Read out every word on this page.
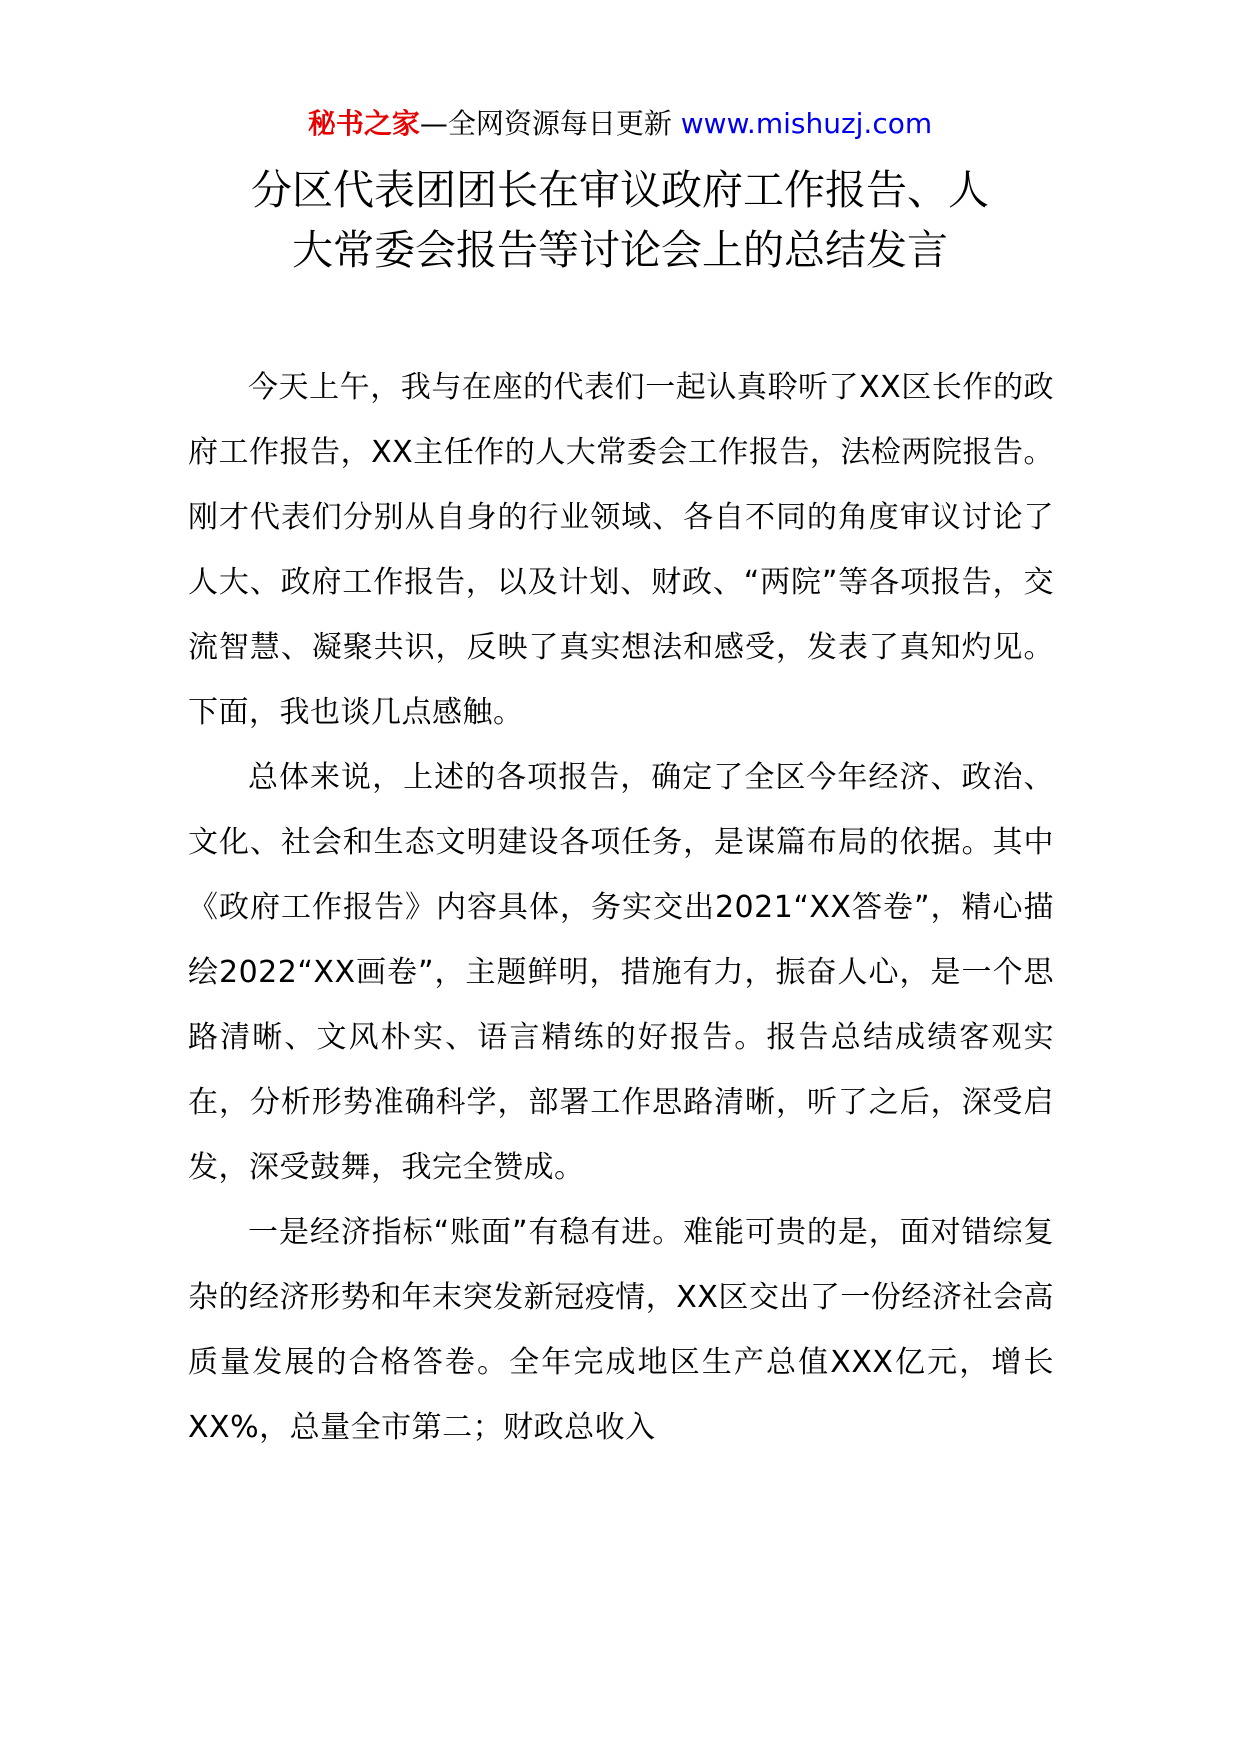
秘书之家—全网资源每日更新 www.mishuzj.com
分区代表团团长在审议政府工作报告、人
大常委会报告等讨论会上的总结发言

今天上午，我与在座的代表们一起认真聆听了XX区长作的政府工作报告，XX主任作的人大常委会工作报告，法检两院报告。刚才代表们分别从自身的行业领域、各自不同的角度审议讨论了人大、政府工作报告，以及计划、财政、“两院”等各项报告，交流智慧、凝聚共识，反映了真实想法和感受，发表了真知灼见。下面，我也谈几点感触。

总体来说，上述的各项报告，确定了全区今年经济、政治、文化、社会和生态文明建设各项任务，是谋篇布局的依据。其中《政府工作报告》内容具体，务实交出2021“XX答卷”，精心描绘2022“XX画卷”，主题鲜明，措施有力，振奋人心，是一个思路清晰、文风朴实、语言精练的好报告。报告总结成绩客观实在，分析形势准确科学，部署工作思路清晰，听了之后，深受启发，深受鼓舞，我完全赞成。

一是经济指标“账面”有稳有进。难能可贵的是，面对错综复杂的经济形势和年末突发新冠疫情，XX区交出了一份经济社会高质量发展的合格答卷。全年完成地区生产总值XXX亿元，增长XX%，总量全市第二；财政总收入
